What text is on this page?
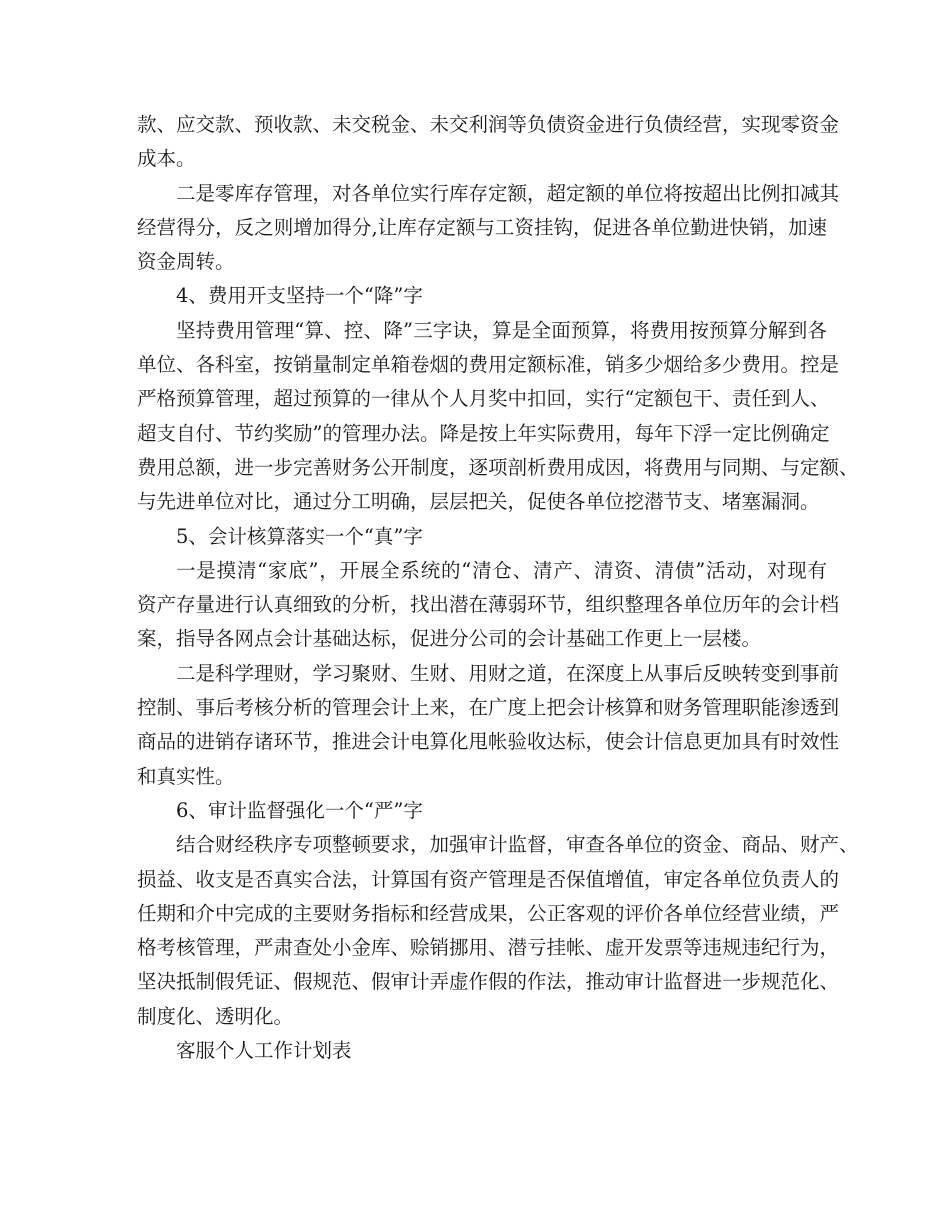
款、应交款、预收款、未交税金、未交利润等负债资金进行负债经营，实现零资金
成本。
二是零库存管理，对各单位实行库存定额，超定额的单位将按超出比例扣减其
经营得分，反之则增加得分,让库存定额与工资挂钩，促进各单位勤进快销，加速
资金周转。
4、费用开支坚持一个“降”字
坚持费用管理“算、控、降”三字诀，算是全面预算，将费用按预算分解到各
单位、各科室，按销量制定单箱卷烟的费用定额标准，销多少烟给多少费用。控是
严格预算管理，超过预算的一律从个人月奖中扣回，实行“定额包干、责任到人、
超支自付、节约奖励”的管理办法。降是按上年实际费用，每年下浮一定比例确定
费用总额，进一步完善财务公开制度，逐项剖析费用成因，将费用与同期、与定额、
与先进单位对比，通过分工明确，层层把关，促使各单位挖潜节支、堵塞漏洞。
5、会计核算落实一个“真”字
一是摸清“家底”，开展全系统的“清仓、清产、清资、清债”活动，对现有
资产存量进行认真细致的分析，找出潜在薄弱环节，组织整理各单位历年的会计档
案，指导各网点会计基础达标，促进分公司的会计基础工作更上一层楼。
二是科学理财，学习聚财、生财、用财之道，在深度上从事后反映转变到事前
控制、事后考核分析的管理会计上来，在广度上把会计核算和财务管理职能渗透到
商品的进销存诸环节，推进会计电算化甩帐验收达标，使会计信息更加具有时效性
和真实性。
6、审计监督强化一个“严”字
结合财经秩序专项整顿要求，加强审计监督，审查各单位的资金、商品、财产、
损益、收支是否真实合法，计算国有资产管理是否保值增值，审定各单位负责人的
任期和介中完成的主要财务指标和经营成果，公正客观的评价各单位经营业绩，严
格考核管理，严肃查处小金库、赊销挪用、潜亏挂帐、虚开发票等违规违纪行为，
坚决抵制假凭证、假规范、假审计弄虚作假的作法，推动审计监督进一步规范化、
制度化、透明化。
客服个人工作计划表
